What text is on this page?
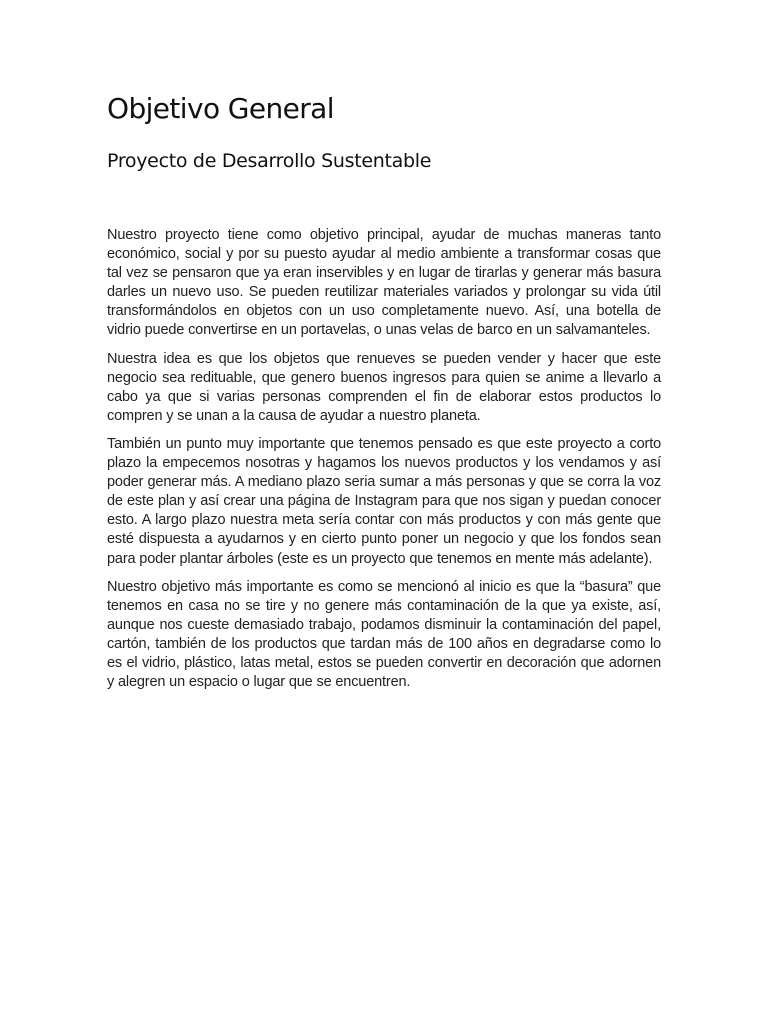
Objetivo General
Proyecto de Desarrollo Sustentable

Nuestro proyecto tiene como objetivo principal, ayudar de muchas maneras tanto económico, social y por su puesto ayudar al medio ambiente a transformar cosas que tal vez se pensaron que ya eran inservibles y en lugar de tirarlas y generar más basura darles un nuevo uso. Se pueden reutilizar materiales variados y prolongar su vida útil transformándolos en objetos con un uso completamente nuevo. Así, una botella de vidrio puede convertirse en un portavelas, o unas velas de barco en un salvamanteles.

Nuestra idea es que los objetos que renueves se pueden vender y hacer que este negocio sea redituable, que genero buenos ingresos para quien se anime a llevarlo a cabo ya que si varias personas comprenden el fin de elaborar estos productos lo compren y se unan a la causa de ayudar a nuestro planeta.

También un punto muy importante que tenemos pensado es que este proyecto a corto plazo la empecemos nosotras y hagamos los nuevos productos y los vendamos y así poder generar más. A mediano plazo seria sumar a más personas y que se corra la voz de este plan y así crear una página de Instagram para que nos sigan y puedan conocer esto. A largo plazo nuestra meta sería contar con más productos y con más gente que esté dispuesta a ayudarnos y en cierto punto poner un negocio y que los fondos sean para poder plantar árboles (este es un proyecto que tenemos en mente más adelante).

Nuestro objetivo más importante es como se mencionó al inicio es que la “basura” que tenemos en casa no se tire y no genere más contaminación de la que ya existe, así, aunque nos cueste demasiado trabajo, podamos disminuir la contaminación del papel, cartón, también de los productos que tardan más de 100 años en degradarse como lo es el vidrio, plástico, latas metal, estos se pueden convertir en decoración que adornen y alegren un espacio o lugar que se encuentren.
